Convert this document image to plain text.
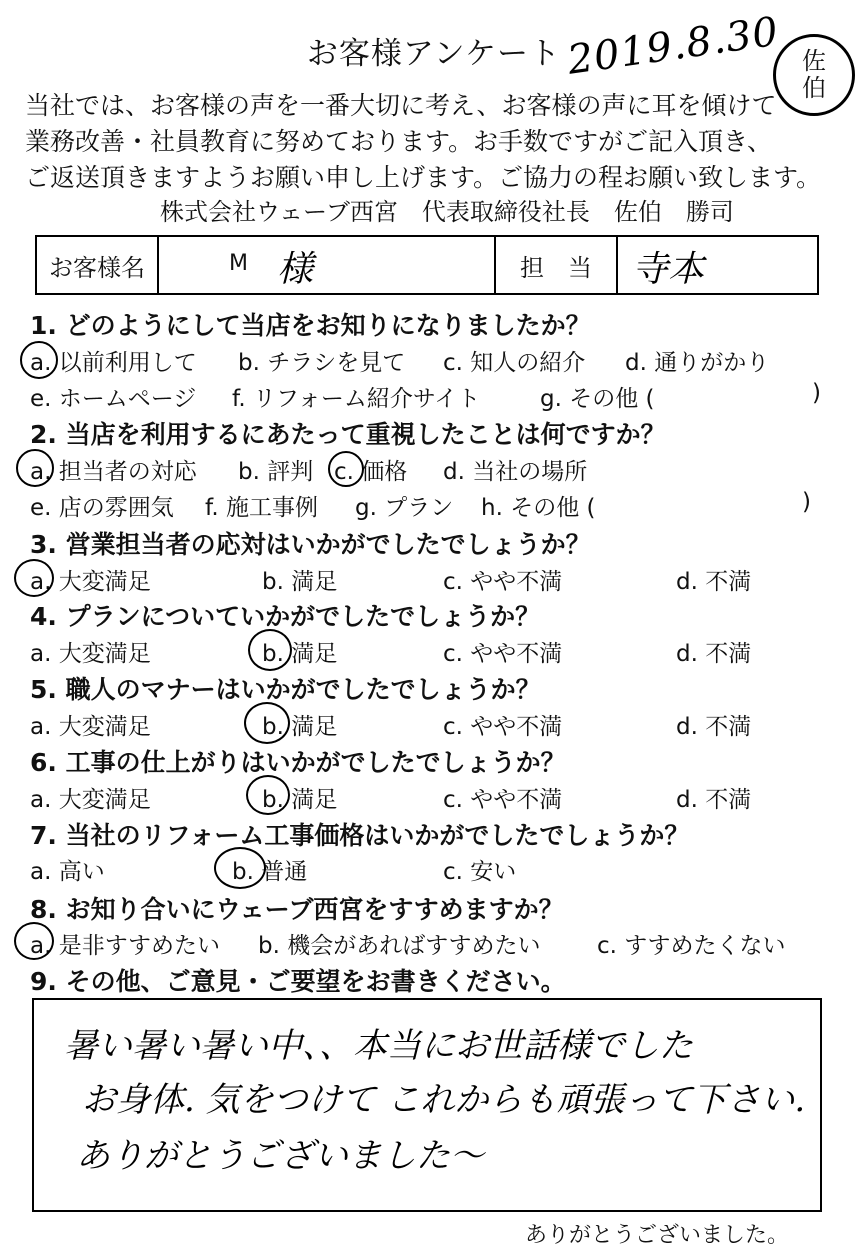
お客様アンケート 2019.8.30 佐
伯
当社では、お客様の声を一番大切に考え、お客様の声に耳を傾けて
業務改善・社員教育に努めております。お手数ですがご記入頂き、
ご返送頂きますようお願い申し上げます。ご協力の程お願い致します。
株式会社ウェーブ西宮　代表取締役社長　佐伯　勝司
お客様名	M 様	担　当	寺本
1. どのようにして当店をお知りになりましたか？
a. 以前利用して b. チラシを見て c. 知人の紹介 d. 通りがかり
e. ホームページ f. リフォーム紹介サイト	g. その他 (	)
2. 当店を利用するにあたって重視したことは何ですか？
a. 担当者の対応 b. 評判 c. 価格 d. 当社の場所
e. 店の雰囲気 f. 施工事例 g. プラン h. その他 (	)
3. 営業担当者の応対はいかがでしたでしょうか？
a. 大変満足	b. 満足	c. やや不満	d. 不満
4. プランについていかがでしたでしょうか？
a. 大変満足	b. 満足	c. やや不満	d. 不満
5. 職人のマナーはいかがでしたでしょうか？
a. 大変満足	b. 満足	c. やや不満	d. 不満
6. 工事の仕上がりはいかがでしたでしょうか？
a. 大変満足	b. 満足	c. やや不満	d. 不満
7. 当社のリフォーム工事価格はいかがでしたでしょうか？
a. 高い	b. 普通	c. 安い
8. お知り合いにウェーブ西宮をすすめますか？
a. 是非すすめたい b. 機会があればすすめたい c. すすめたくない
9. その他、ご意見・ご要望をお書きください。
暑い暑い暑い中、、本当にお世話様でした
お身体. 気をつけて これからも頑張って下さい.
ありがとうございました〜
ありがとうございました。
